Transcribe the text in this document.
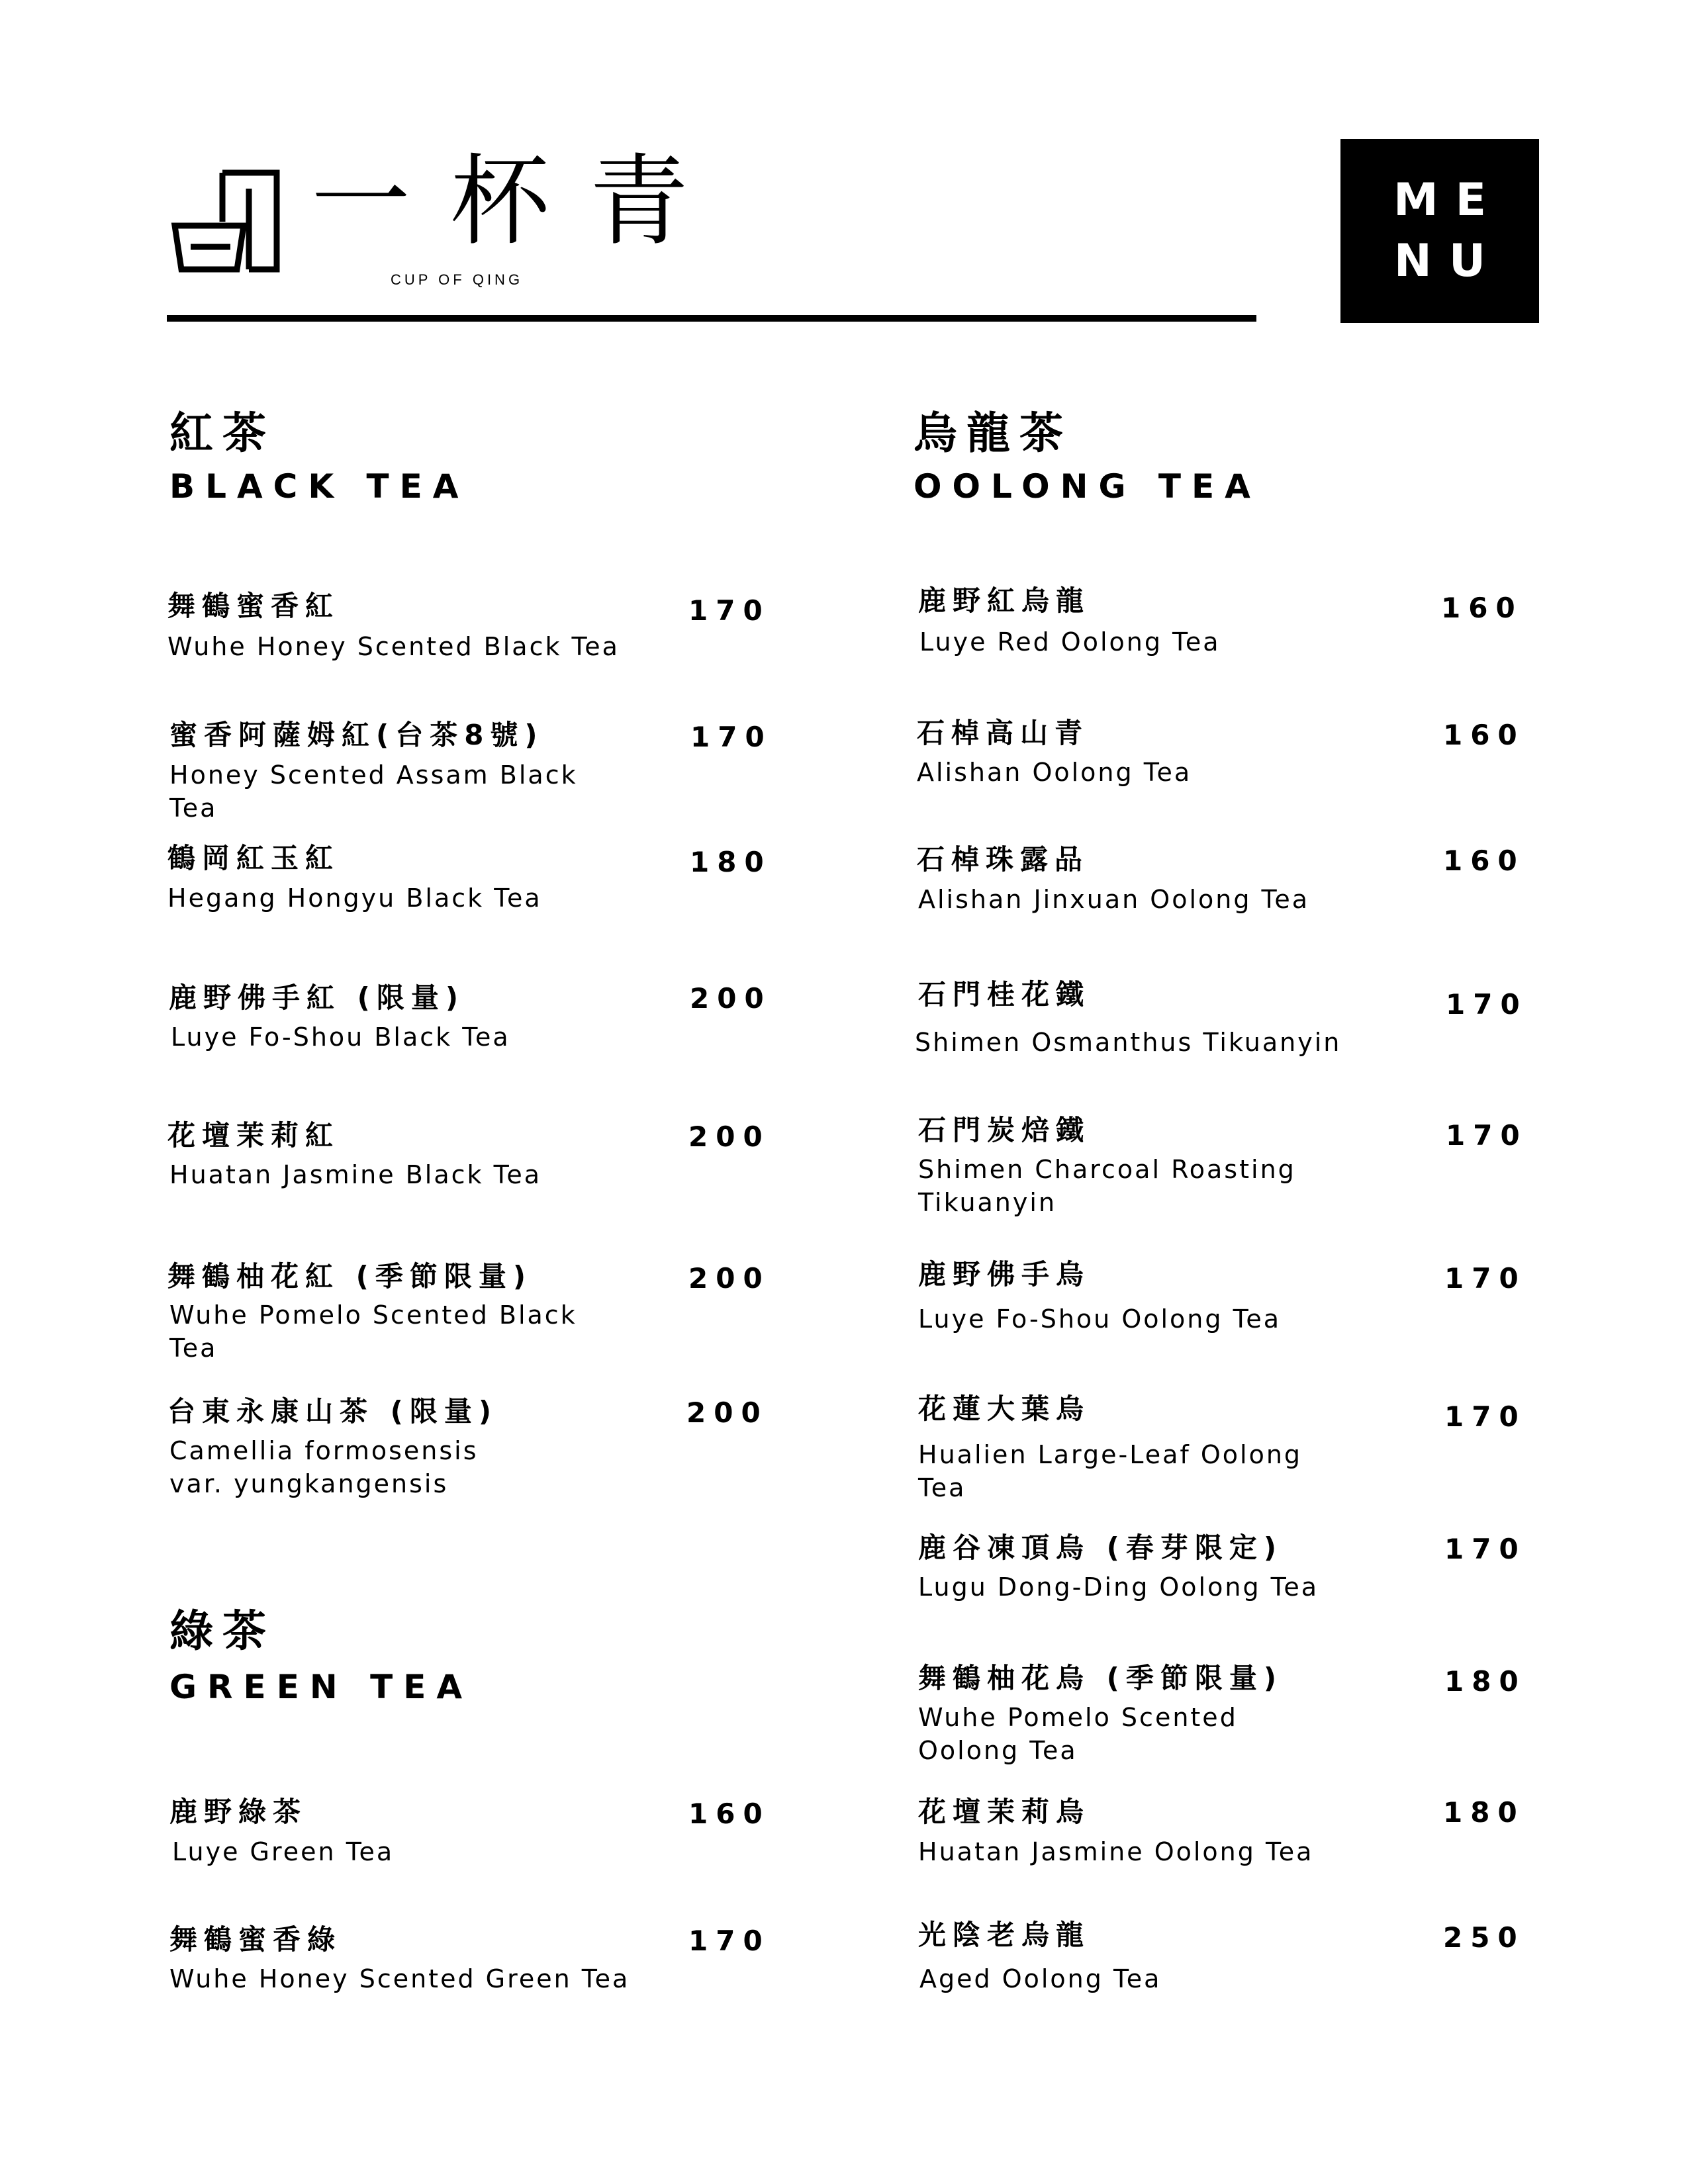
一杯青
CUP OF QING
ME
NU
紅茶
BLACK TEA
舞鶴蜜香紅
Wuhe Honey Scented Black Tea
170
蜜香阿薩姆紅(台茶8號)
Honey Scented Assam Black Tea
170
鶴岡紅玉紅
Hegang Hongyu Black Tea
180
鹿野佛手紅 (限量)
Luye Fo-Shou Black Tea
200
花壇茉莉紅
Huatan Jasmine Black Tea
200
舞鶴柚花紅 (季節限量)
Wuhe Pomelo Scented Black Tea
200
台東永康山茶 (限量)
Camellia formosensis var. yungkangensis
200
綠茶
GREEN TEA
鹿野綠茶
Luye Green Tea
160
舞鶴蜜香綠
Wuhe Honey Scented Green Tea
170
烏龍茶
OOLONG TEA
鹿野紅烏龍
Luye Red Oolong Tea
160
石棹高山青
Alishan Oolong Tea
160
石棹珠露品
Alishan Jinxuan Oolong Tea
160
石門桂花鐵
Shimen Osmanthus Tikuanyin
170
石門炭焙鐵
Shimen Charcoal Roasting Tikuanyin
170
鹿野佛手烏
Luye Fo-Shou Oolong Tea
170
花蓮大葉烏
Hualien Large-Leaf Oolong Tea
170
鹿谷凍頂烏 (春芽限定)
Lugu Dong-Ding Oolong Tea
170
舞鶴柚花烏 (季節限量)
Wuhe Pomelo Scented Oolong Tea
180
花壇茉莉烏
Huatan Jasmine Oolong Tea
180
光陰老烏龍
Aged Oolong Tea
250
